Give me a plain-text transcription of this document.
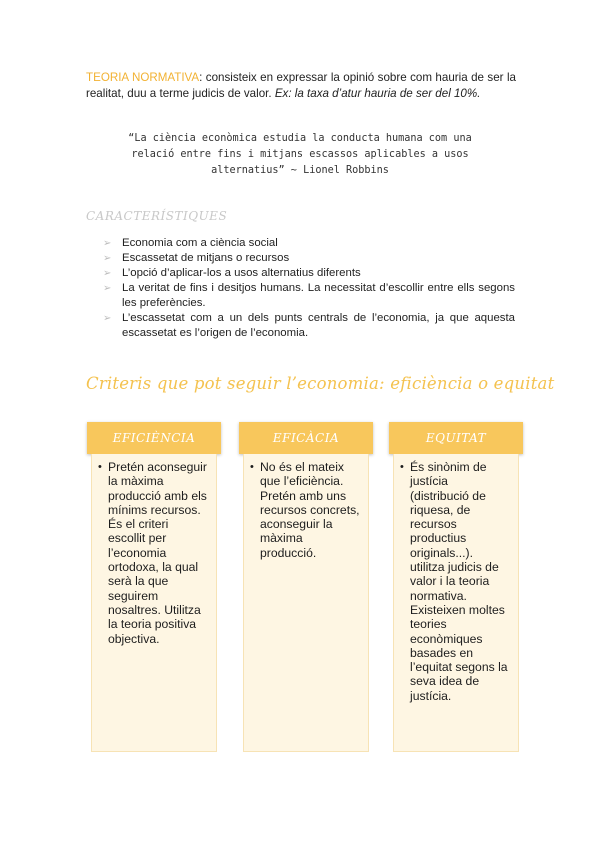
TEORIA NORMATIVA: consisteix en expressar la opinió sobre com hauria de ser la realitat, duu a terme judicis de valor. Ex: la taxa d’atur hauria de ser del 10%.

“La ciència econòmica estudia la conducta humana com una
relació entre fins i mitjans escassos aplicables a usos
alternatius” ~ Lionel Robbins
CARACTERÍSTIQUES
➢ Economia com a ciència social
➢ Escassetat de mitjans o recursos
➢ L’opció d’aplicar-los a usos alternatius diferents
➢ La veritat de fins i desitjos humans. La necessitat d’escollir entre ells segons les preferències.
➢ L’escassetat com a un dels punts centrals de l’economia, ja que aquesta escassetat es l’origen de l’economia.
Criteris que pot seguir l’economia: eficiència o equitat
EFICIÈNCIA
• Pretén aconseguir la màxima producció amb els mínims recursos. És el criteri escollit per l’economia ortodoxa, la qual serà la que seguirem nosaltres. Utilitza la teoria positiva objectiva.
EFICÀCIA
• No és el mateix que l’eficiència. Pretén amb uns recursos concrets, aconseguir la màxima producció.
EQUITAT
• És sinònim de justícia (distribució de riquesa, de recursos productius originals...). utilitza judicis de valor i la teoria normativa. Existeixen moltes teories econòmiques basades en l’equitat segons la seva idea de justícia.
